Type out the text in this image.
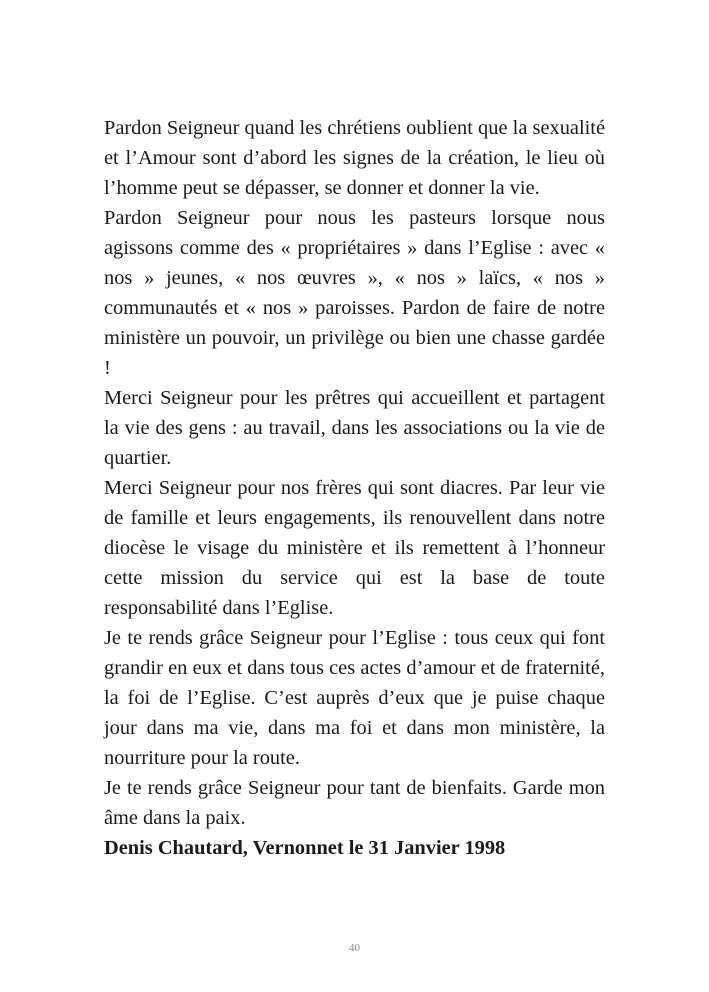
Pardon Seigneur quand les chrétiens oublient que la sexualité et l’Amour sont d’abord les signes de la création, le lieu où l’homme peut se dépasser, se donner et donner la vie.

Pardon Seigneur pour nous les pasteurs lorsque nous agissons comme des « propriétaires » dans l’Eglise : avec « nos » jeunes, « nos œuvres », « nos » laïcs, « nos » communautés et « nos » paroisses. Pardon de faire de notre ministère un pouvoir, un privilège ou bien une chasse gardée !

Merci Seigneur pour les prêtres qui accueillent et partagent la vie des gens : au travail, dans les associations ou la vie de quartier.

Merci Seigneur pour nos frères qui sont diacres. Par leur vie de famille et leurs engagements, ils renouvellent dans notre diocèse le visage du ministère et ils remettent à l’honneur cette mission du service qui est la base de toute responsabilité dans l’Eglise.

Je te rends grâce Seigneur pour l’Eglise : tous ceux qui font grandir en eux et dans tous ces actes d’amour et de fraternité, la foi de l’Eglise. C’est auprès d’eux que je puise chaque jour dans ma vie, dans ma foi et dans mon ministère, la nourriture pour la route.

Je te rends grâce Seigneur pour tant de bienfaits. Garde mon âme dans la paix.

Denis Chautard, Vernonnet le 31 Janvier 1998

40
